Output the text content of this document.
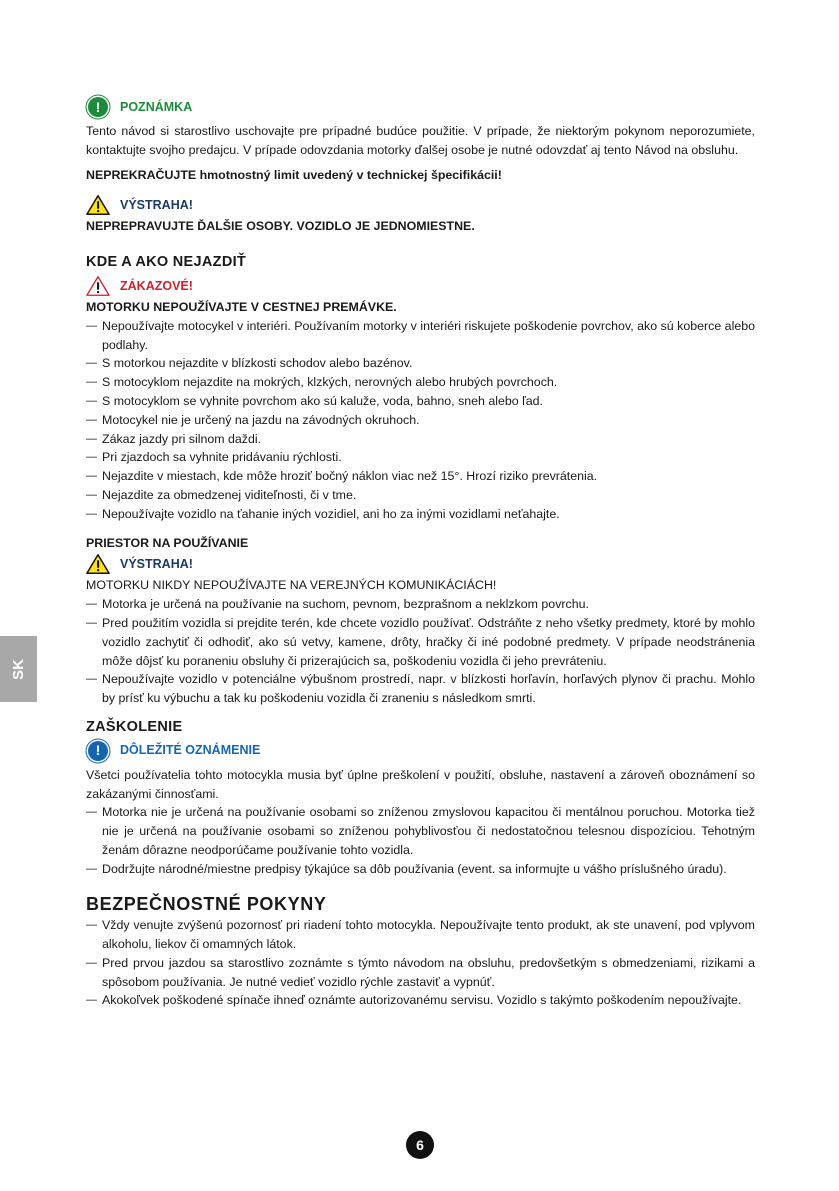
SK
! POZNÁMKA

Tento návod si starostlivo uschovajte pre prípadné budúce použitie. V prípade, že niektorým pokynom neporozumiete, kontaktujte svojho predajcu. V prípade odovzdania motorky ďalšej osobe je nutné odovzdať aj tento Návod na obsluhu.

NEPREKRAČUJTE hmotnostný limit uvedený v technickej špecifikácii!

VÝSTRAHA!

NEPREPRAVUJTE ĎALŠIE OSOBY. VOZIDLO JE JEDNOMIESTNE.

KDE A AKO NEJAZDIŤ
ZÁKAZOVÉ!

MOTORKU NEPOUŽÍVAJTE V CESTNEJ PREMÁVKE.

— Nepoužívajte motocykel v interiéri. Používaním motorky v interiéri riskujete poškodenie povrchov, ako sú koberce alebo podlahy.
— S motorkou nejazdite v blízkosti schodov alebo bazénov.
— S motocyklom nejazdite na mokrých, klzkých, nerovných alebo hrubých povrchoch.
— S motocyklom se vyhnite povrchom ako sú kaluže, voda, bahno, sneh alebo ľad.
— Motocykel nie je určený na jazdu na závodných okruhoch.
— Zákaz jazdy pri silnom daždi.
— Pri zjazdoch sa vyhnite pridávaniu rýchlosti.
— Nejazdite v miestach, kde môže hroziť bočný náklon viac než 15°. Hrozí riziko prevrátenia.
— Nejazdite za obmedzenej viditeľnosti, či v tme.
— Nepoužívajte vozidlo na ťahanie iných vozidiel, ani ho za inými vozidlami neťahajte.

PRIESTOR NA POUŽÍVANIE

VÝSTRAHA!

MOTORKU NIKDY NEPOUŽÍVAJTE NA VEREJNÝCH KOMUNIKÁCIÁCH!

— Motorka je určená na používanie na suchom, pevnom, bezprašnom a neklzkom povrchu.
— Pred použitím vozidla si prejdite terén, kde chcete vozidlo používať. Odstráňte z neho všetky predmety, ktoré by mohlo vozidlo zachytiť či odhodiť, ako sú vetvy, kamene, drôty, hračky či iné podobné predmety. V prípade neodstránenia môže dôjsť ku poraneniu obsluhy či prizerajúcich sa, poškodeniu vozidla či jeho prevráteniu.
— Nepoužívajte vozidlo v potenciálne výbušnom prostredí, napr. v blízkosti horľavín, horľavých plynov či prachu. Mohlo by prísť ku výbuchu a tak ku poškodeniu vozidla či zraneniu s následkom smrti.
ZAŠKOLENIE
! DÔLEŽITÉ OZNÁMENIE

Všetci používatelia tohto motocykla musia byť úplne preškolení v použití, obsluhe, nastavení a zároveň oboznámení so zakázanými činnosťami.

— Motorka nie je určená na používanie osobami so zníženou zmyslovou kapacitou či mentálnou poruchou. Motorka tiež nie je určená na používanie osobami so zníženou pohyblivosťou či nedostatočnou telesnou dispozíciou. Tehotným ženám dôrazne neodporúčame používanie tohto vozidla.
— Dodržujte národné/miestne predpisy týkajúce sa dôb používania (event. sa informujte u vášho príslušného úradu).
BEZPEČNOSTNÉ POKYNY
— Vždy venujte zvýšenú pozornosť pri riadení tohto motocykla. Nepoužívajte tento produkt, ak ste unavení, pod vplyvom alkoholu, liekov či omamných látok.
— Pred prvou jazdou sa starostlivo zoznámte s týmto návodom na obsluhu, predovšetkým s obmedzeniami, rizikami a spôsobom používania. Je nutné vedieť vozidlo rýchle zastaviť a vypnúť.
— Akokoľvek poškodené spínače ihneď oznámte autorizovanému servisu. Vozidlo s takýmto poškodením nepoužívajte.
6
